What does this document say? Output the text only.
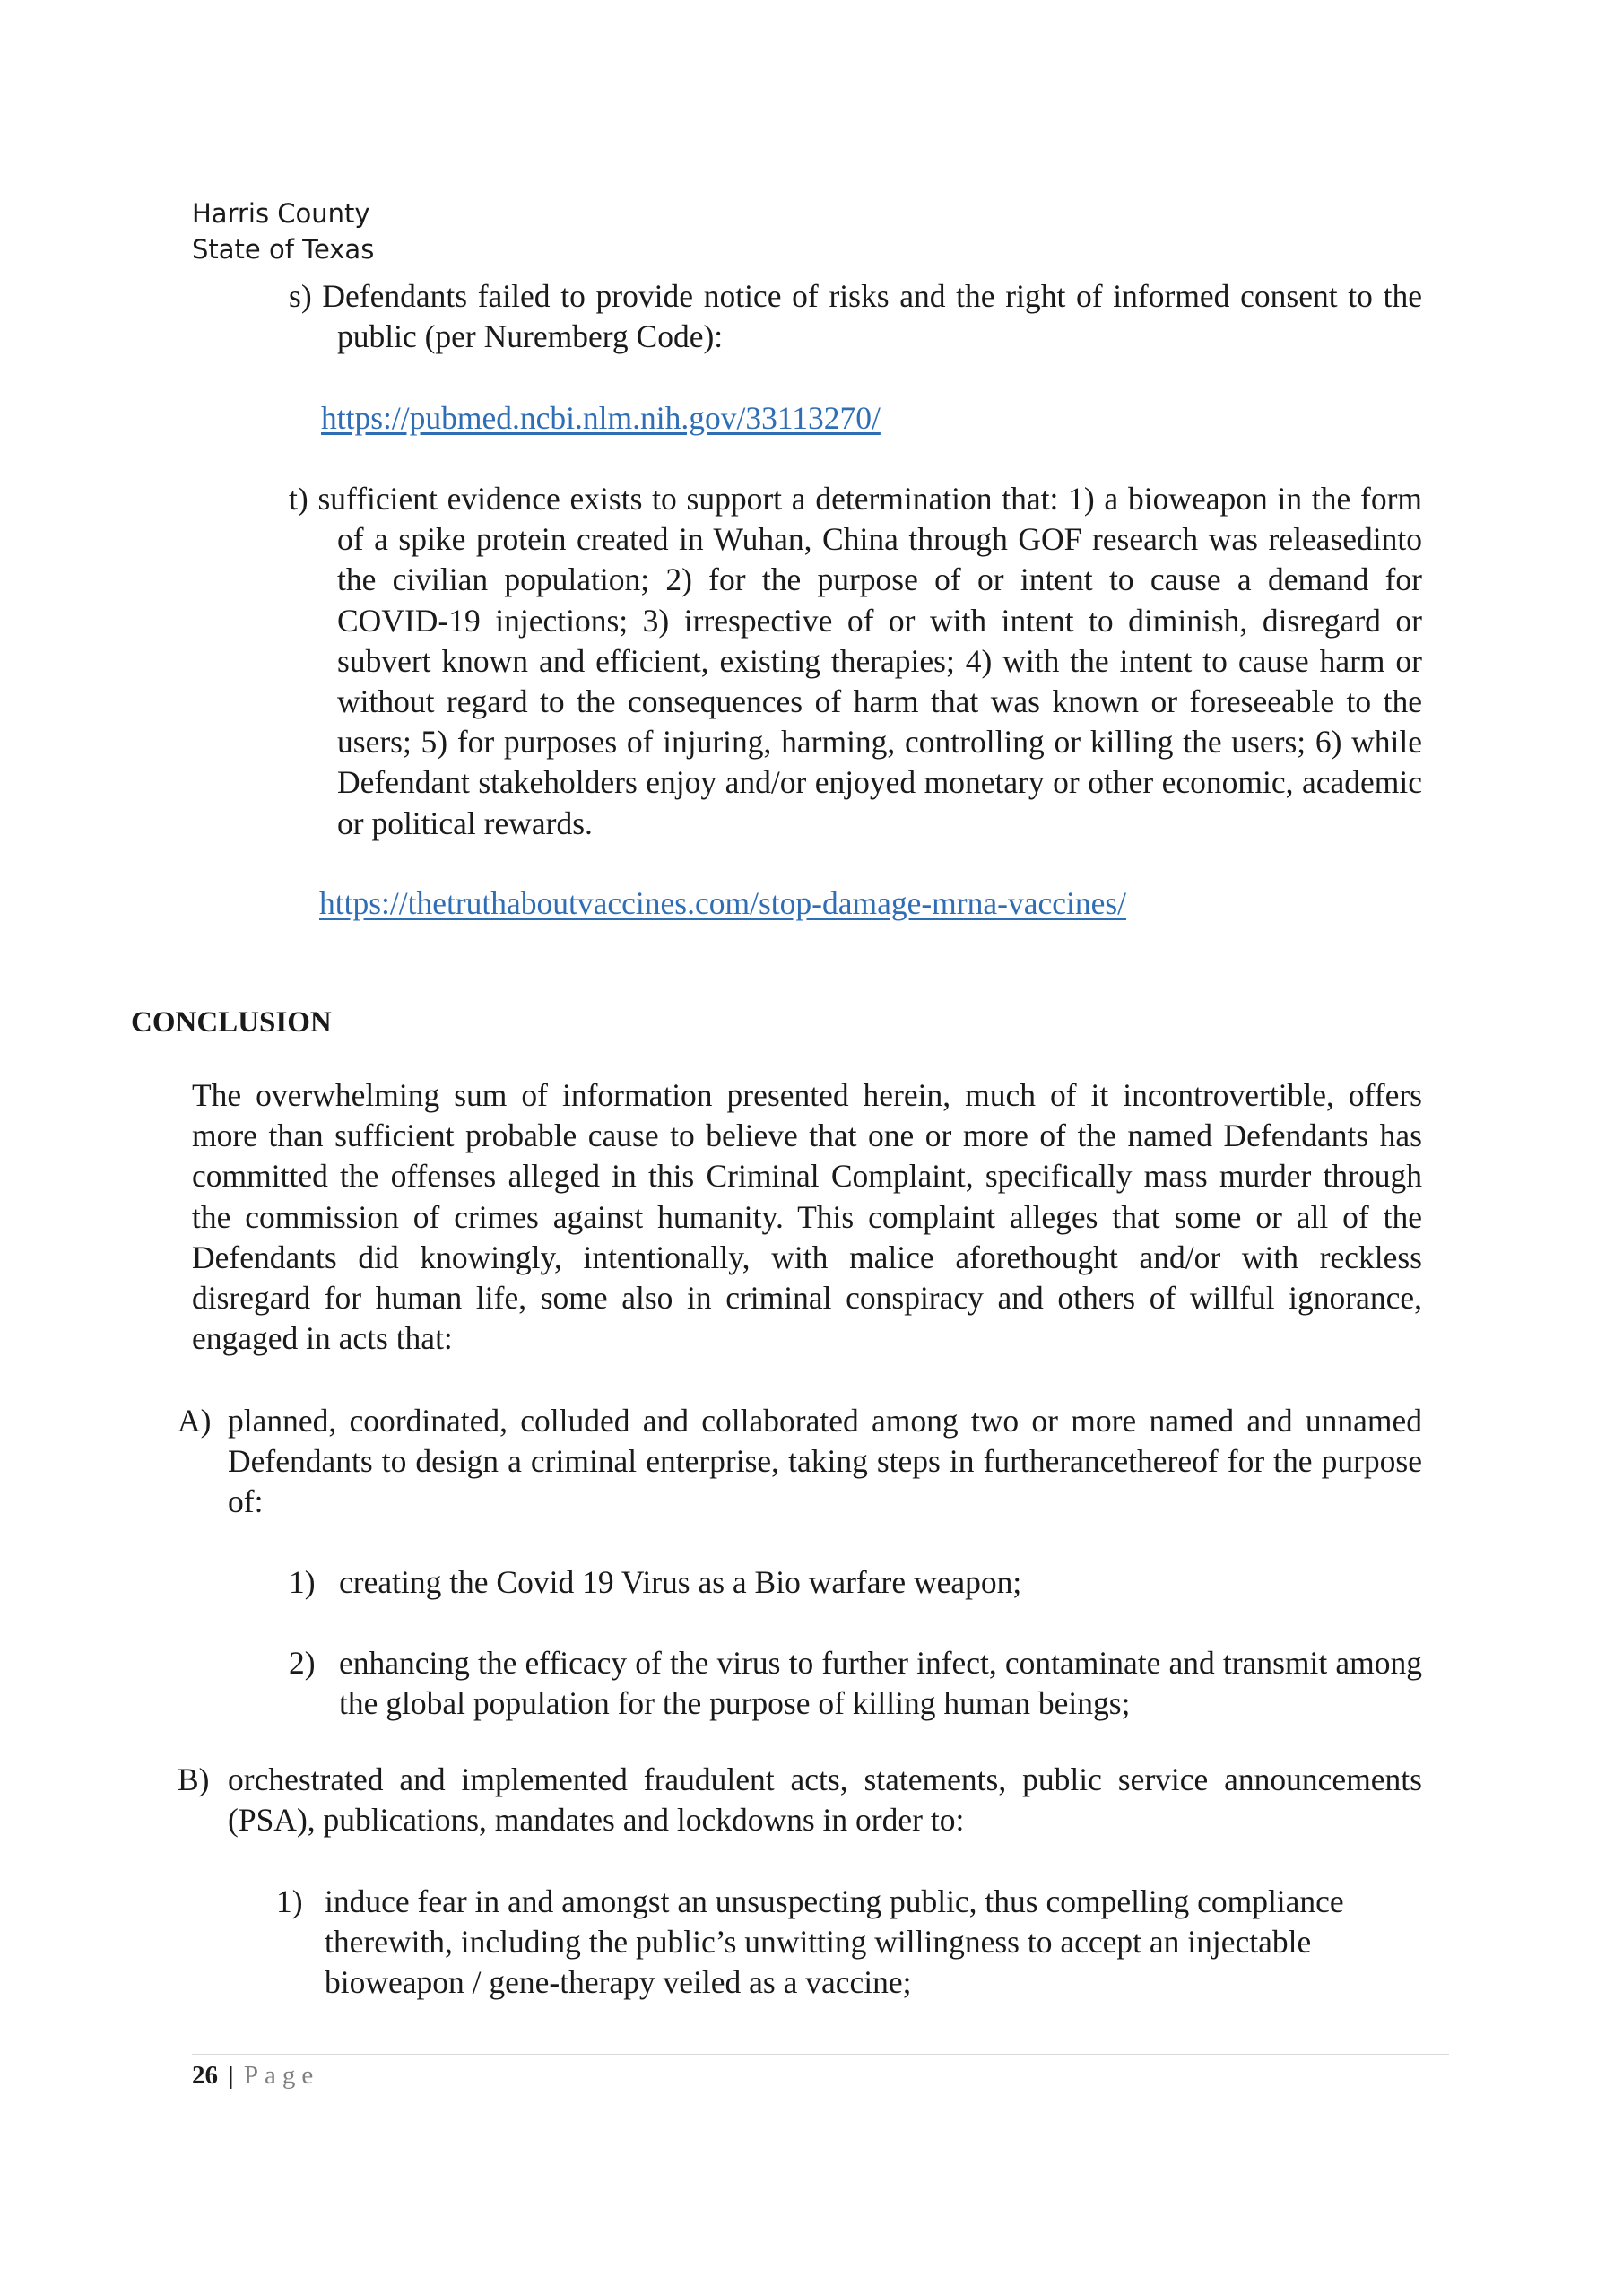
Harris County
State of Texas

s) Defendants failed to provide notice of risks and the right of informed consent to the public (per Nuremberg Code):

https://pubmed.ncbi.nlm.nih.gov/33113270/

t) sufficient evidence exists to support a determination that: 1) a bioweapon in the form of a spike protein created in Wuhan, China through GOF research was releasedinto the civilian population; 2) for the purpose of or intent to cause a demand for COVID-19 injections; 3) irrespective of or with intent to diminish, disregard or subvert known and efficient, existing therapies; 4) with the intent to cause harm or without regard to the consequences of harm that was known or foreseeable to the users; 5) for purposes of injuring, harming, controlling or killing the users; 6) while Defendant stakeholders enjoy and/or enjoyed monetary or other economic, academic or political rewards.

https://thetruthaboutvaccines.com/stop-damage-mrna-vaccines/
CONCLUSION

The overwhelming sum of information presented herein, much of it incontrovertible, offers more than sufficient probable cause to believe that one or more of the named Defendants has committed the offenses alleged in this Criminal Complaint, specifically mass murder through the commission of crimes against humanity. This complaint alleges that some or all of the Defendants did knowingly, intentionally, with malice aforethought and/or with reckless disregard for human life, some also in criminal conspiracy and others of willful ignorance, engaged in acts that:

A) planned, coordinated, colluded and collaborated among two or more named and unnamed Defendants to design a criminal enterprise, taking steps in furtherancethereof for the purpose of:
1) creating the Covid 19 Virus as a Bio warfare weapon;
2) enhancing the efficacy of the virus to further infect, contaminate and transmit among the global population for the purpose of killing human beings;
B) orchestrated and implemented fraudulent acts, statements, public service announcements (PSA), publications, mandates and lockdowns in order to:
1) induce fear in and amongst an unsuspecting public, thus compelling compliance therewith, including the public’s unwitting willingness to accept an injectable bioweapon / gene-therapy veiled as a vaccine;
26 | Page
